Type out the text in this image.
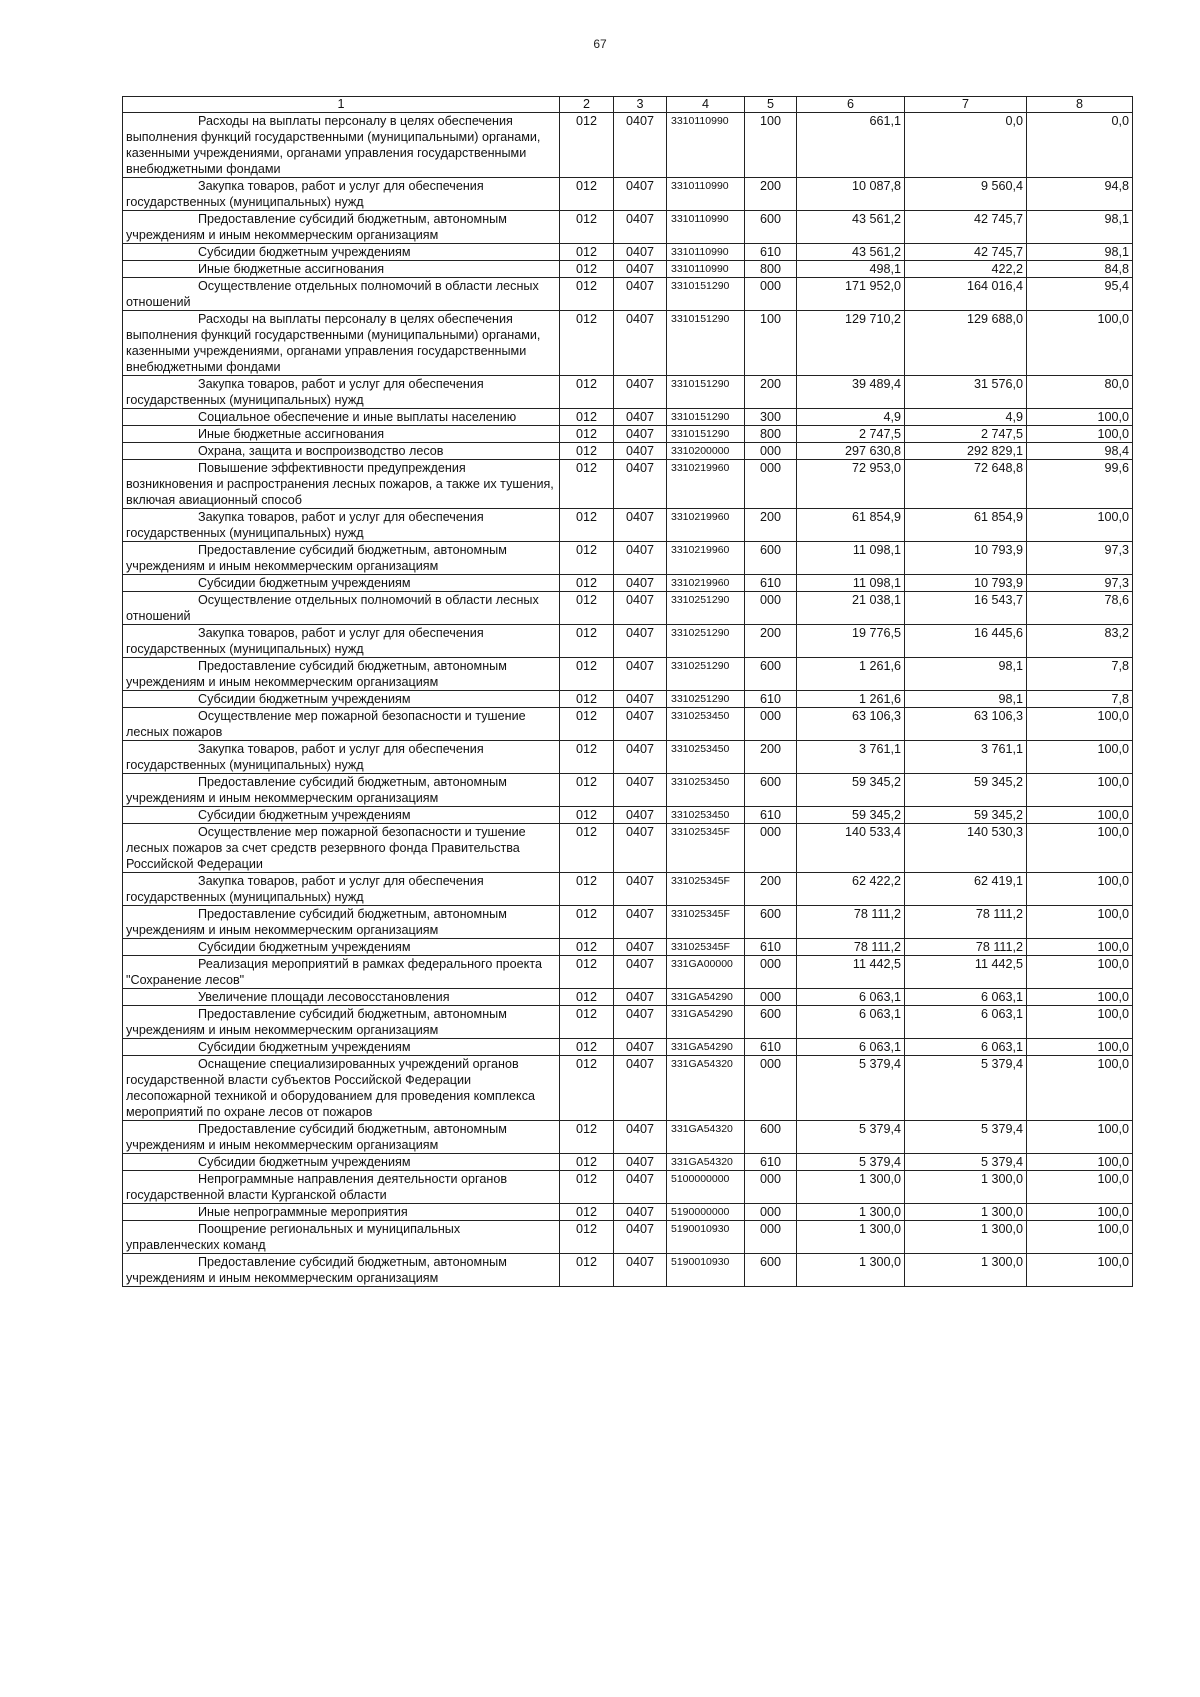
67
1	2	3	4	5	6	7	8
Расходы на выплаты персоналу в целях обеспечения выполнения функций государственными (муниципальными) органами, казенными учреждениями, органами управления государственными внебюджетными фондами	012	0407	3310110990	100	661,1	0,0	0,0
Закупка товаров, работ и услуг для обеспечения государственных (муниципальных) нужд	012	0407	3310110990	200	10 087,8	9 560,4	94,8
Предоставление субсидий бюджетным, автономным учреждениям и иным некоммерческим организациям	012	0407	3310110990	600	43 561,2	42 745,7	98,1
Субсидии бюджетным учреждениям	012	0407	3310110990	610	43 561,2	42 745,7	98,1
Иные бюджетные ассигнования	012	0407	3310110990	800	498,1	422,2	84,8
Осуществление отдельных полномочий в области лесных отношений	012	0407	3310151290	000	171 952,0	164 016,4	95,4
Расходы на выплаты персоналу в целях обеспечения выполнения функций государственными (муниципальными) органами, казенными учреждениями, органами управления государственными внебюджетными фондами	012	0407	3310151290	100	129 710,2	129 688,0	100,0
Закупка товаров, работ и услуг для обеспечения государственных (муниципальных) нужд	012	0407	3310151290	200	39 489,4	31 576,0	80,0
Социальное обеспечение и иные выплаты населению	012	0407	3310151290	300	4,9	4,9	100,0
Иные бюджетные ассигнования	012	0407	3310151290	800	2 747,5	2 747,5	100,0
Охрана, защита и воспроизводство лесов	012	0407	3310200000	000	297 630,8	292 829,1	98,4
Повышение эффективности предупреждения возникновения и распространения лесных пожаров, а также их тушения, включая авиационный способ	012	0407	3310219960	000	72 953,0	72 648,8	99,6
Закупка товаров, работ и услуг для обеспечения государственных (муниципальных) нужд	012	0407	3310219960	200	61 854,9	61 854,9	100,0
Предоставление субсидий бюджетным, автономным учреждениям и иным некоммерческим организациям	012	0407	3310219960	600	11 098,1	10 793,9	97,3
Субсидии бюджетным учреждениям	012	0407	3310219960	610	11 098,1	10 793,9	97,3
Осуществление отдельных полномочий в области лесных отношений	012	0407	3310251290	000	21 038,1	16 543,7	78,6
Закупка товаров, работ и услуг для обеспечения государственных (муниципальных) нужд	012	0407	3310251290	200	19 776,5	16 445,6	83,2
Предоставление субсидий бюджетным, автономным учреждениям и иным некоммерческим организациям	012	0407	3310251290	600	1 261,6	98,1	7,8
Субсидии бюджетным учреждениям	012	0407	3310251290	610	1 261,6	98,1	7,8
Осуществление мер пожарной безопасности и тушение лесных пожаров	012	0407	3310253450	000	63 106,3	63 106,3	100,0
Закупка товаров, работ и услуг для обеспечения государственных (муниципальных) нужд	012	0407	3310253450	200	3 761,1	3 761,1	100,0
Предоставление субсидий бюджетным, автономным учреждениям и иным некоммерческим организациям	012	0407	3310253450	600	59 345,2	59 345,2	100,0
Субсидии бюджетным учреждениям	012	0407	3310253450	610	59 345,2	59 345,2	100,0
Осуществление мер пожарной безопасности и тушение лесных пожаров за счет средств резервного фонда Правительства Российской Федерации	012	0407	331025345F	000	140 533,4	140 530,3	100,0
Закупка товаров, работ и услуг для обеспечения государственных (муниципальных) нужд	012	0407	331025345F	200	62 422,2	62 419,1	100,0
Предоставление субсидий бюджетным, автономным учреждениям и иным некоммерческим организациям	012	0407	331025345F	600	78 111,2	78 111,2	100,0
Субсидии бюджетным учреждениям	012	0407	331025345F	610	78 111,2	78 111,2	100,0
Реализация мероприятий в рамках федерального проекта "Сохранение лесов"	012	0407	331GA00000	000	11 442,5	11 442,5	100,0
Увеличение площади лесовосстановления	012	0407	331GA54290	000	6 063,1	6 063,1	100,0
Предоставление субсидий бюджетным, автономным учреждениям и иным некоммерческим организациям	012	0407	331GA54290	600	6 063,1	6 063,1	100,0
Субсидии бюджетным учреждениям	012	0407	331GA54290	610	6 063,1	6 063,1	100,0
Оснащение специализированных учреждений органов государственной власти субъектов Российской Федерации лесопожарной техникой и оборудованием для проведения комплекса мероприятий по охране лесов от пожаров	012	0407	331GA54320	000	5 379,4	5 379,4	100,0
Предоставление субсидий бюджетным, автономным учреждениям и иным некоммерческим организациям	012	0407	331GA54320	600	5 379,4	5 379,4	100,0
Субсидии бюджетным учреждениям	012	0407	331GA54320	610	5 379,4	5 379,4	100,0
Непрограммные направления деятельности органов государственной власти Курганской области	012	0407	5100000000	000	1 300,0	1 300,0	100,0
Иные непрограммные мероприятия	012	0407	5190000000	000	1 300,0	1 300,0	100,0
Поощрение региональных и муниципальных управленческих команд	012	0407	5190010930	000	1 300,0	1 300,0	100,0
Предоставление субсидий бюджетным, автономным учреждениям и иным некоммерческим организациям	012	0407	5190010930	600	1 300,0	1 300,0	100,0
